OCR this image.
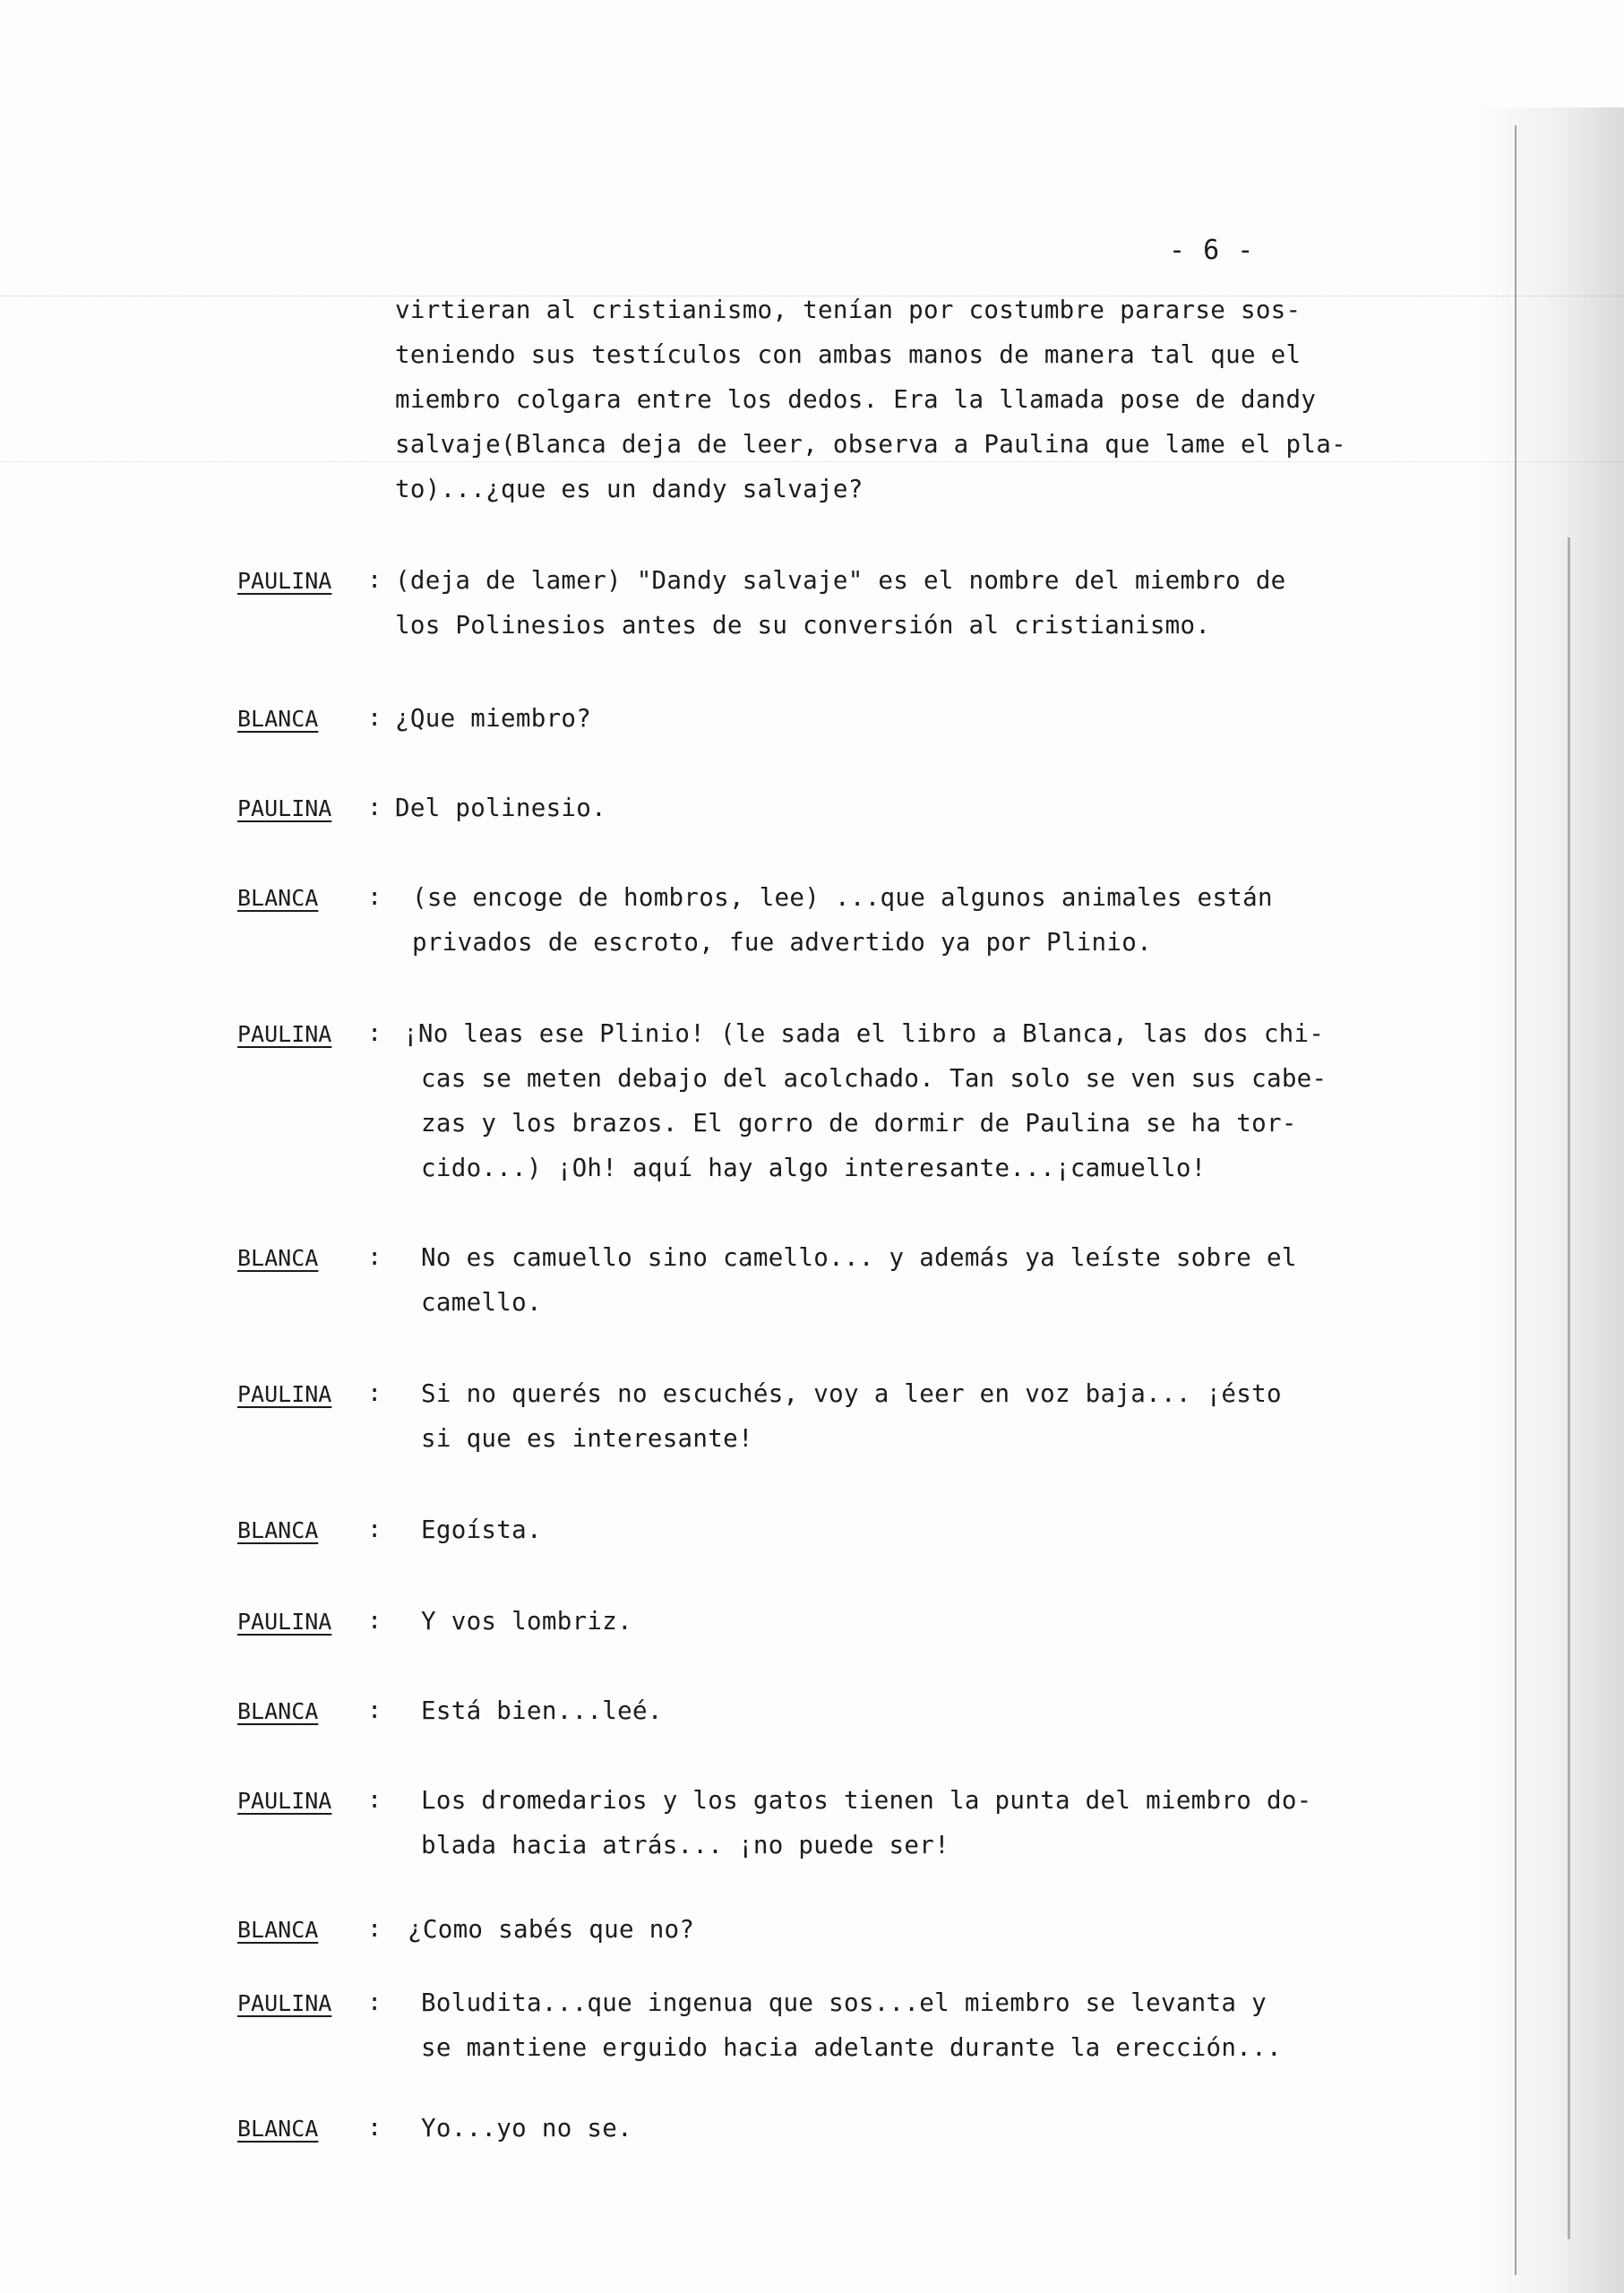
- 6 -
virtieran al cristianismo, tenían por costumbre pararse sos-
teniendo sus testículos con ambas manos de manera tal que el
miembro colgara entre los dedos. Era la llamada pose de dandy
salvaje(Blanca deja de leer, observa a Paulina que lame el pla-
to)...¿que es un dandy salvaje?
PAULINA : (deja de lamer) "Dandy salvaje" es el nombre del miembro de
los Polinesios antes de su conversión al cristianismo.
BLANCA : ¿Que miembro?
PAULINA : Del polinesio.
BLANCA : (se encoge de hombros, lee) ...que algunos animales están
privados de escroto, fue advertido ya por Plinio.
PAULINA : ¡No leas ese Plinio! (le sada el libro a Blanca, las dos chi-
cas se meten debajo del acolchado. Tan solo se ven sus cabe-
zas y los brazos. El gorro de dormir de Paulina se ha tor-
cido...) ¡Oh! aquí hay algo interesante...¡camuello!
BLANCA : No es camuello sino camello... y además ya leíste sobre el
camello.
PAULINA : Si no querés no escuchés, voy a leer en voz baja... ¡ésto
si que es interesante!
BLANCA : Egoísta.
PAULINA : Y vos lombriz.
BLANCA : Está bien...leé.
PAULINA : Los dromedarios y los gatos tienen la punta del miembro do-
blada hacia atrás... ¡no puede ser!
BLANCA : ¿Como sabés que no?
PAULINA : Boludita...que ingenua que sos...el miembro se levanta y
se mantiene erguido hacia adelante durante la erección...
BLANCA : Yo...yo no se.
